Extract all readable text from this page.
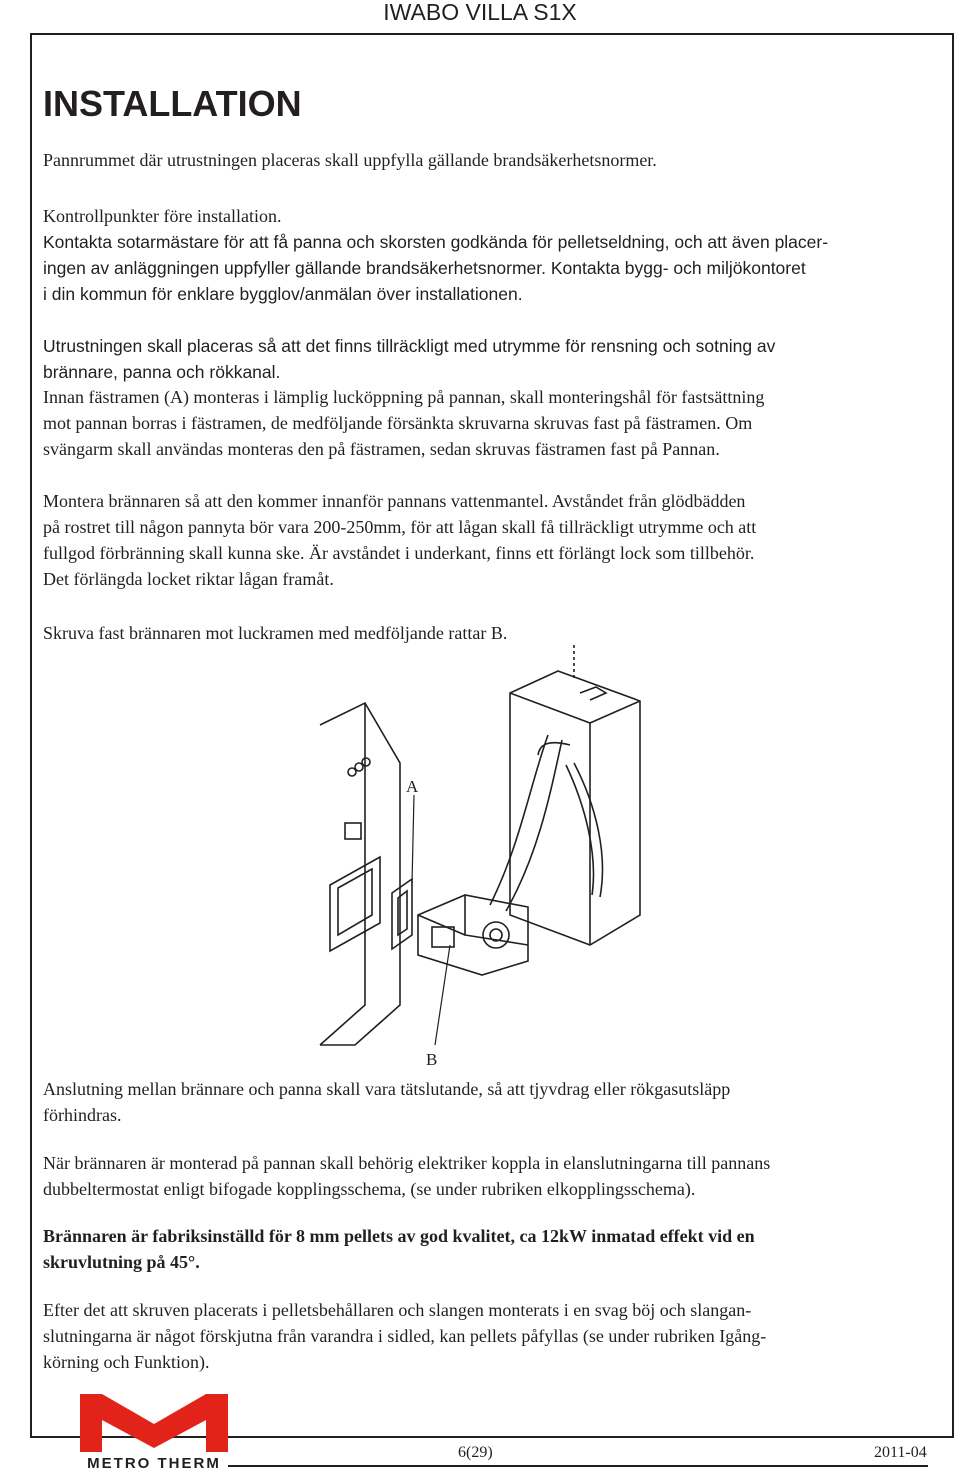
IWABO VILLA S1X
INSTALLATION

Pannrummet där utrustningen placeras skall uppfylla gällande brandsäkerhetsnormer.

Kontrollpunkter före installation.

Kontakta sotarmästare för att få panna och skorsten godkända för pelletseldning, och att även placer-

ingen av anläggningen uppfyller gällande brandsäkerhetsnormer. Kontakta bygg- och miljökontoret

i din kommun för enklare bygglov/anmälan över installationen.

Utrustningen skall placeras så att det finns tillräckligt med utrymme för rensning och sotning av

brännare, panna och rökkanal.

Innan fästramen (A) monteras i lämplig lucköppning på pannan, skall monteringshål för fastsättning

mot pannan borras i fästramen, de medföljande försänkta skruvarna skruvas fast på fästramen. Om

svängarm skall användas monteras den på fästramen, sedan skruvas fästramen fast på Pannan.

Montera brännaren så att den kommer innanför pannans vattenmantel. Avståndet från glödbädden

på rostret till någon pannyta bör vara 200-250mm, för att lågan skall få tillräckligt utrymme och att

fullgod förbränning skall kunna ske. Är avståndet i underkant, finns ett förlängt lock som tillbehör.

Det förlängda locket riktar lågan framåt.

Skruva fast brännaren mot luckramen med medföljande rattar B.

A
B

Anslutning mellan brännare och panna skall vara tätslutande, så att tjyvdrag eller rökgasutsläpp

förhindras.

När brännaren är monterad på pannan skall behörig elektriker koppla in elanslutningarna till pannans

dubbeltermostat enligt bifogade kopplingsschema, (se under rubriken elkopplingsschema).

Brännaren är fabriksinställd för 8 mm pellets av god kvalitet, ca 12kW inmatad effekt vid en

skruvlutning på 45°.

Efter det att skruven placerats i pelletsbehållaren och slangen monterats i en svag böj och slangan-

slutningarna är något förskjutna från varandra i sidled, kan pellets påfyllas (se under rubriken Igång-

körning och Funktion).

METRO THERM
6(29)	2011-04
